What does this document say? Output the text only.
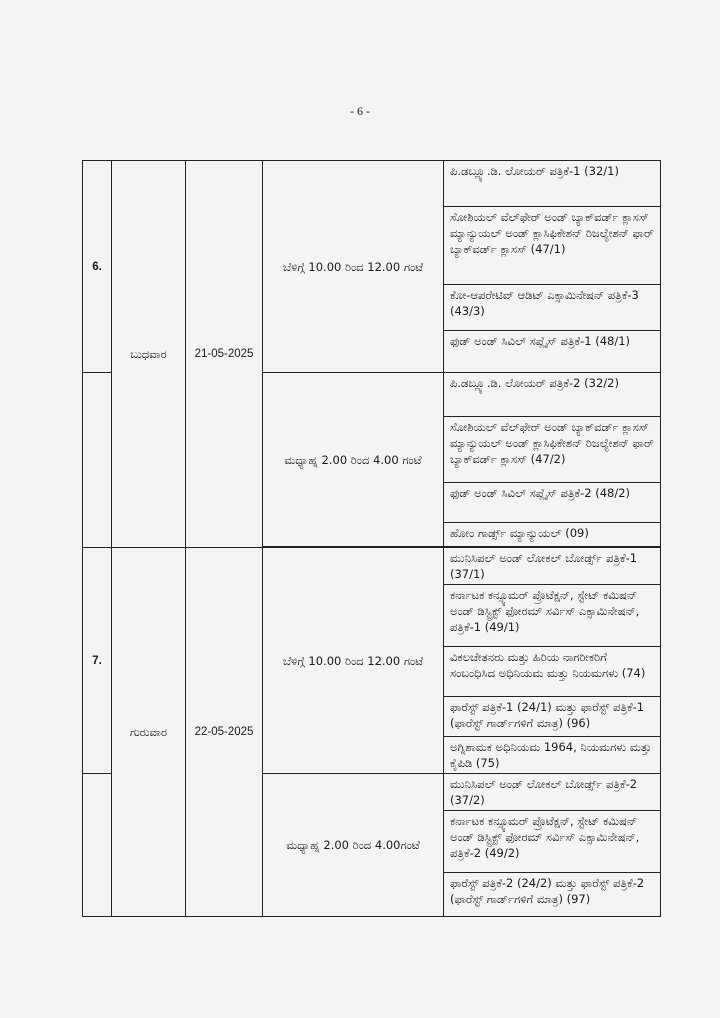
- 6 -
6.	ಬುಧವಾರ	21-05-2025	ಬೆಳಿಗ್ಗೆ 10.00 ರಿಂದ 12.00 ಗಂಟೆ	ಪಿ.ಡಬ್ಲ್ಯೂ.ಡಿ. ಲೋಯರ್ ಪತ್ರಿಕೆ-1 (32/1)

				ಸೋಶಿಯಲ್ ವೆಲ್‌ಫೇರ್ ಅಂಡ್ ಬ್ಯಾಕ್‌ವರ್ಡ್ ಕ್ಲಾಸಸ್ ಮ್ಯಾನ್ಯುಯಲ್ ಅಂಡ್ ಕ್ಲಾಸಿಫಿಕೇಶನ್ ರಿಜಲ್ಯೇಶನ್ ಫಾರ್ ಬ್ಯಾಕ್‌ವರ್ಡ್ ಕ್ಲಾಸಸ್ (47/1)

				ಕೋ-ಆಪರೇಟಿವ್ ಆಡಿಟ್ ಎಕ್ಸಾಮಿನೇಷನ್ ಪತ್ರಿಕೆ-3 (43/3)

				ಫುಡ್ ಅಂಡ್ ಸಿವಿಲ್ ಸಪ್ಲೈಸ್ ಪತ್ರಿಕೆ-1 (48/1)

			ಮಧ್ಯಾಹ್ನ 2.00 ರಿಂದ 4.00 ಗಂಟೆ	ಪಿ.ಡಬ್ಲ್ಯೂ.ಡಿ. ಲೋಯರ್ ಪತ್ರಿಕೆ-2 (32/2)

				ಸೋಶಿಯಲ್ ವೆಲ್‌ಫೇರ್ ಅಂಡ್ ಬ್ಯಾಕ್‌ವರ್ಡ್ ಕ್ಲಾಸಸ್ ಮ್ಯಾನ್ಯುಯಲ್ ಅಂಡ್ ಕ್ಲಾಸಿಫಿಕೇಶನ್ ರಿಜಲ್ಯೇಶನ್ ಫಾರ್ ಬ್ಯಾಕ್‌ವರ್ಡ್ ಕ್ಲಾಸಸ್ (47/2)

				ಫುಡ್ ಅಂಡ್ ಸಿವಿಲ್ ಸಪ್ಲೈಸ್ ಪತ್ರಿಕೆ-2 (48/2)

				ಹೋಂ ಗಾರ್ಡ್ಸ್ ಮ್ಯಾನ್ಯುಯಲ್ (09)

7.	ಗುರುವಾರ	22-05-2025	ಬೆಳಿಗ್ಗೆ 10.00 ರಿಂದ 12.00 ಗಂಟೆ	ಮುನಿಸಿಪಲ್ ಅಂಡ್ ಲೋಕಲ್ ಬೋರ್ಡ್ಸ್ ಪತ್ರಿಕೆ-1 (37/1)

				ಕರ್ನಾಟಕ ಕನ್ಸ್ಯೂಮರ್ ಪ್ರೊಟೆಕ್ಷನ್, ಸ್ಟೇಟ್ ಕಮಿಷನ್ ಅಂಡ್ ಡಿಸ್ಟ್ರಿಕ್ಟ್ ಫೋರಮ್ ಸರ್ವಿಸ್ ಎಕ್ಸಾಮಿನೇಷನ್, ಪತ್ರಿಕೆ-1 (49/1)

				ವಿಕಲಚೇತನರು ಮತ್ತು ಹಿರಿಯ ನಾಗರೀಕರಿಗೆ ಸಂಬಂಧಿಸಿದ ಅಧಿನಿಯಮ ಮತ್ತು ನಿಯಮಗಳು (74)

				ಫಾರೆಸ್ಟ್ ಪತ್ರಿಕೆ-1 (24/1) ಮತ್ತು ಫಾರೆಸ್ಟ್ ಪತ್ರಿಕೆ-1 (ಫಾರೆಸ್ಟ್ ಗಾರ್ಡ್‌ಗಳಿಗೆ ಮಾತ್ರ) (96)

				ಅಗ್ನಿಶಾಮಕ ಅಧಿನಿಯಮ 1964, ನಿಯಮಗಳು ಮತ್ತು ಕೈಪಿಡಿ (75)

			ಮಧ್ಯಾಹ್ನ 2.00 ರಿಂದ 4.00ಗಂಟೆ	ಮುನಿಸಿಪಲ್ ಅಂಡ್ ಲೋಕಲ್ ಬೋರ್ಡ್ಸ್ ಪತ್ರಿಕೆ-2 (37/2)

				ಕರ್ನಾಟಕ ಕನ್ಸ್ಯೂಮರ್ ಪ್ರೊಟೆಕ್ಷನ್, ಸ್ಟೇಟ್ ಕಮಿಷನ್ ಅಂಡ್ ಡಿಸ್ಟ್ರಿಕ್ಟ್ ಫೋರಮ್ ಸರ್ವಿಸ್ ಎಕ್ಸಾಮಿನೇಷನ್, ಪತ್ರಿಕೆ-2 (49/2)

				ಫಾರೆಸ್ಟ್ ಪತ್ರಿಕೆ-2 (24/2) ಮತ್ತು ಫಾರೆಸ್ಟ್ ಪತ್ರಿಕೆ-2 (ಫಾರೆಸ್ಟ್ ಗಾರ್ಡ್‌ಗಳಿಗೆ ಮಾತ್ರ) (97)
